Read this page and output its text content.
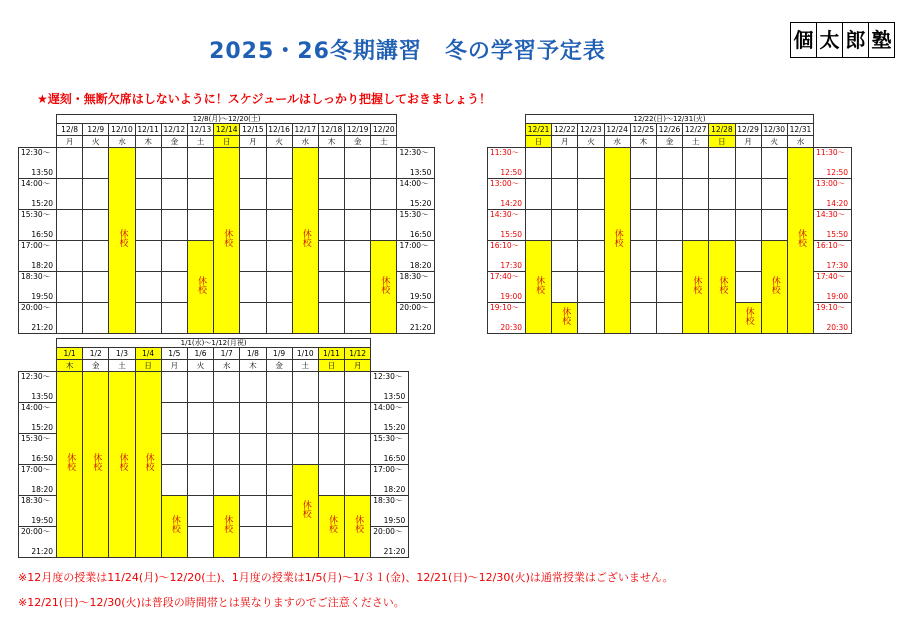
2025・26冬期講習　冬の学習予定表	個 太 郎 塾
★遅刻・無断欠席はしないように！スケジュールはしっかり把握しておきましょう！
	12/8(月)～12/20(土)													
	12/8	12/9	12/10	12/11	12/12	12/13	12/14	12/15	12/16	12/17	12/18	12/19	12/20	
	月	火	水	木	金	土	日	月	火	水	木	金	土	

12:30～
13:50			休校				休校			休校				12:30～
13:50

14:00～
15:20														14:00～
15:20

15:30～
16:50														15:30～
16:50

17:00～
18:20						休校							休校	17:00～
18:20

18:30～
19:50														18:30～
19:50

20:00～
21:20														20:00～
21:20
	12/22(日)～12/31(火)											
	12/21	12/22	12/23	12/24	12/25	12/26	12/27	12/28	12/29	12/30	12/31	
	日	月	火	水	木	金	土	日	月	火	水	

11:30～
12:50				休校							休校	11:30～
12:50

13:00～
14:20												13:00～
14:20

14:30～
15:50												14:30～
15:50

16:10～
17:30	休校						休校	休校		休校		16:10～
17:30

17:40～
19:00												17:40～
19:00

19:10～
20:30		休校							休校			19:10～
20:30
	1/1(水)～1/12(月祝)												
	1/1	1/2	1/3	1/4	1/5	1/6	1/7	1/8	1/9	1/10	1/11	1/12	
	木	金	土	日	月	火	水	木	金	土	日	月	

12:30～
13:50	休校	休校	休校	休校									12:30～
13:50

14:00～
15:20													14:00～
15:20

15:30～
16:50													15:30～
16:50

17:00～
18:20										休校			17:00～
18:20

18:30～
19:50					休校		休校				休校	休校	18:30～
19:50

20:00～
21:20													20:00～
21:20
※12月度の授業は11/24(月)～12/20(土)、1月度の授業は1/5(月)～1/３１(金)、12/21(日)～12/30(火)は通常授業はございません。
※12/21(日)～12/30(火)は普段の時間帯とは異なりますのでご注意ください。
